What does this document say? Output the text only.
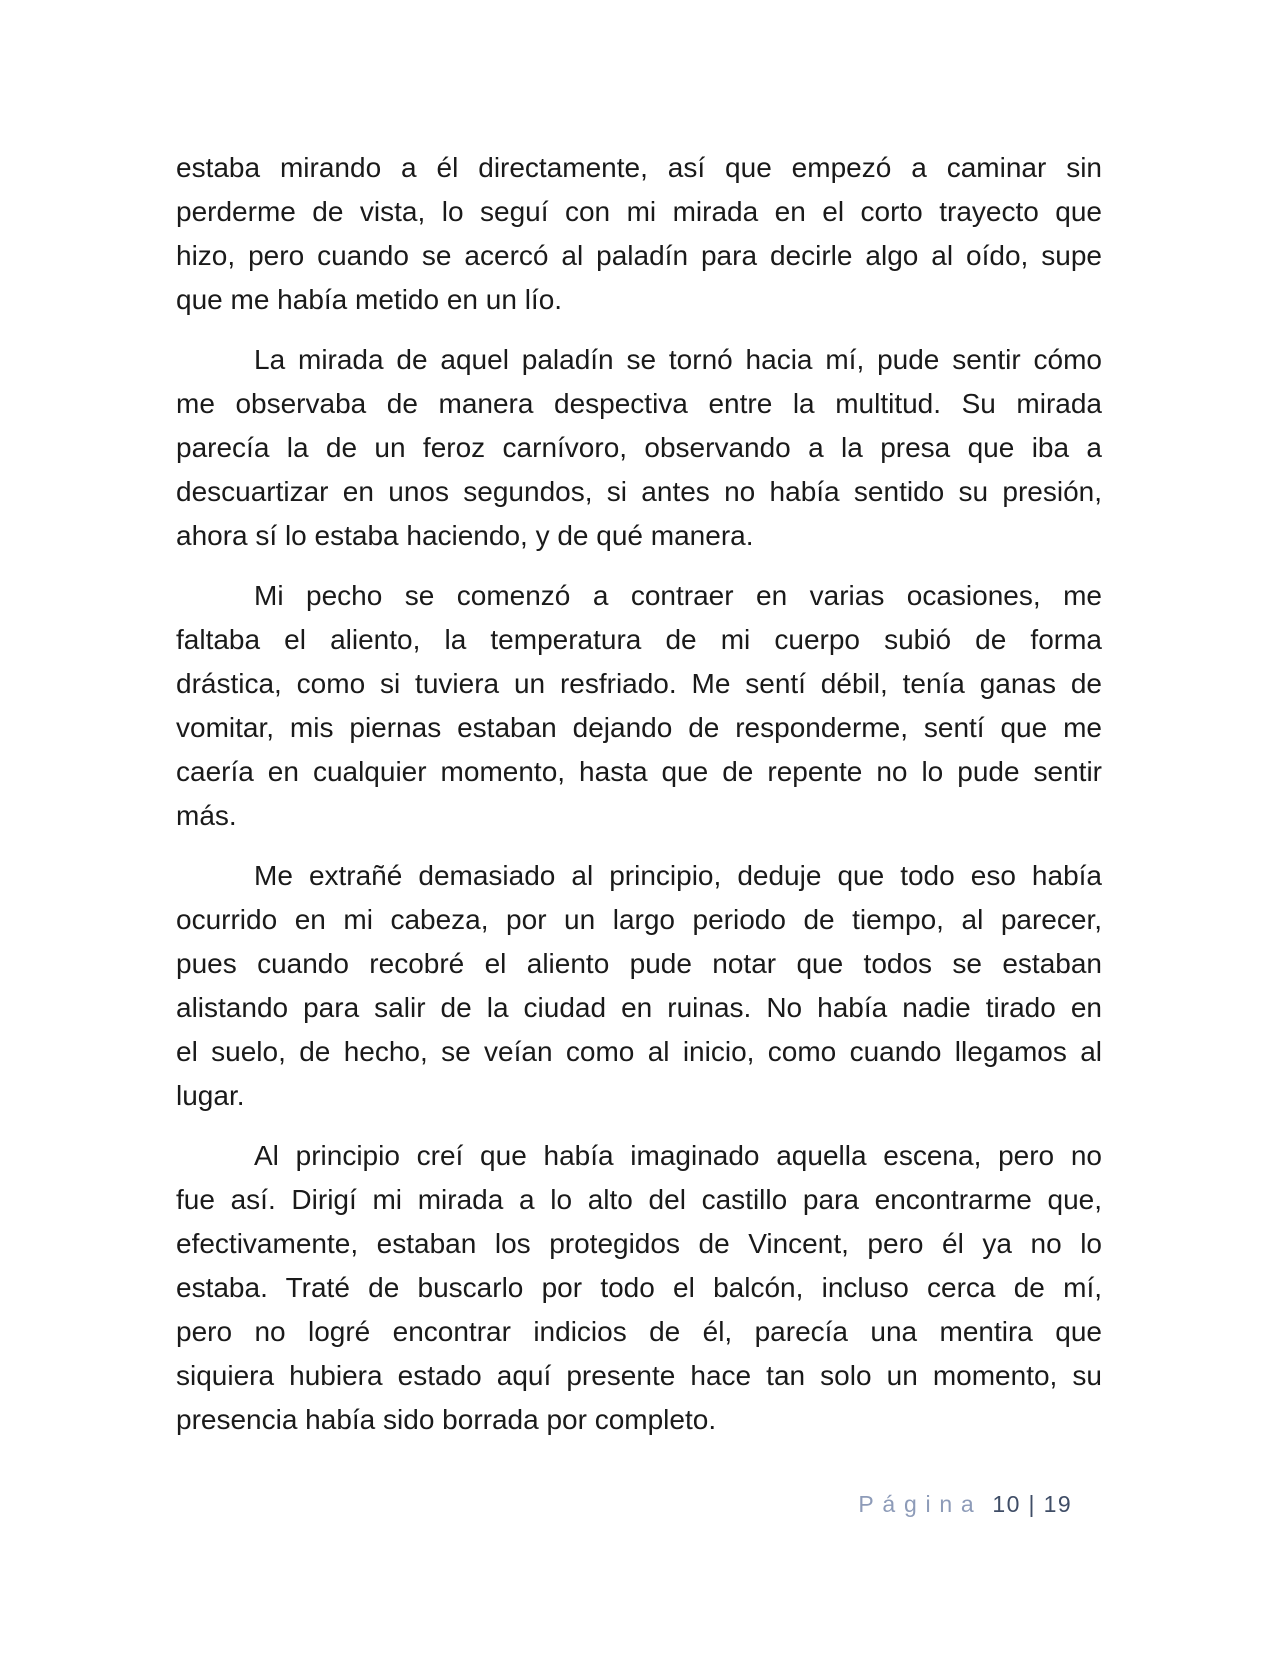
estaba mirando a él directamente, así que empezó a caminar sin
perderme de vista, lo seguí con mi mirada en el corto trayecto que
hizo, pero cuando se acercó al paladín para decirle algo al oído, supe
que me había metido en un lío.
La mirada de aquel paladín se tornó hacia mí, pude sentir cómo
me observaba de manera despectiva entre la multitud. Su mirada
parecía la de un feroz carnívoro, observando a la presa que iba a
descuartizar en unos segundos, si antes no había sentido su presión,
ahora sí lo estaba haciendo, y de qué manera.
Mi pecho se comenzó a contraer en varias ocasiones, me
faltaba el aliento, la temperatura de mi cuerpo subió de forma
drástica, como si tuviera un resfriado. Me sentí débil, tenía ganas de
vomitar, mis piernas estaban dejando de responderme, sentí que me
caería en cualquier momento, hasta que de repente no lo pude sentir
más.
Me extrañé demasiado al principio, deduje que todo eso había
ocurrido en mi cabeza, por un largo periodo de tiempo, al parecer,
pues cuando recobré el aliento pude notar que todos se estaban
alistando para salir de la ciudad en ruinas. No había nadie tirado en
el suelo, de hecho, se veían como al inicio, como cuando llegamos al
lugar.
Al principio creí que había imaginado aquella escena, pero no
fue así. Dirigí mi mirada a lo alto del castillo para encontrarme que,
efectivamente, estaban los protegidos de Vincent, pero él ya no lo
estaba. Traté de buscarlo por todo el balcón, incluso cerca de mí,
pero no logré encontrar indicios de él, parecía una mentira que
siquiera hubiera estado aquí presente hace tan solo un momento, su
presencia había sido borrada por completo.
Página 10 | 19
